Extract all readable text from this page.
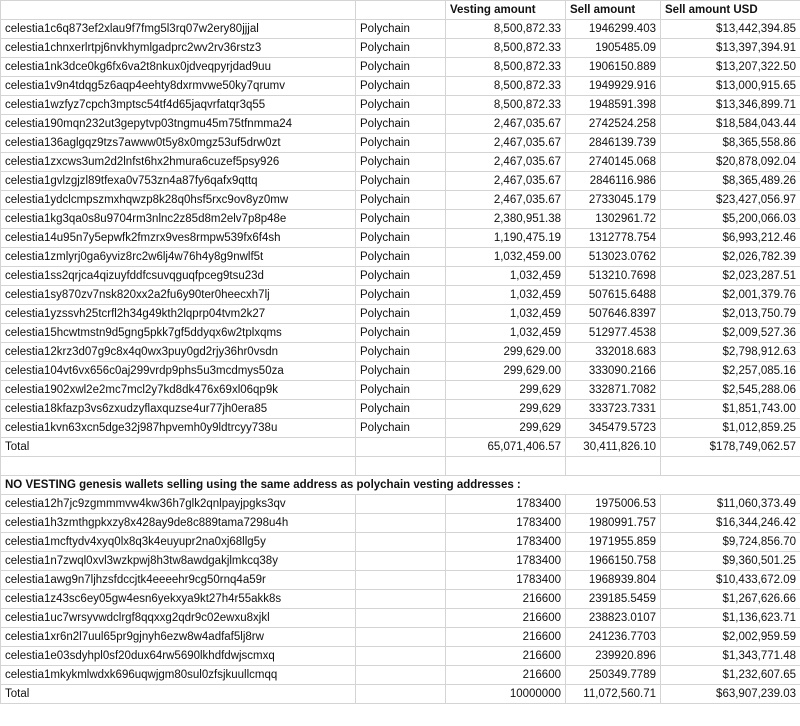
		Vesting amount	Sell amount	Sell amount USD
celestia1c6q873ef2xlau9f7fmg5l3rq07w2ery80jjjal	Polychain	8,500,872.33	1946299.403	$13,442,394.85
celestia1chnxerlrtpj6nvkhymlgadprc2wv2rv36rstz3	Polychain	8,500,872.33	1905485.09	$13,397,394.91
celestia1nk3dce0kg6fx6va2t8nkux0jdveqpyrjdad9uu	Polychain	8,500,872.33	1906150.889	$13,207,322.50
celestia1v9n4tdqg5z6aqp4eehty8dxrmvwe50ky7qrumv	Polychain	8,500,872.33	1949929.916	$13,000,915.65
celestia1wzfyz7cpch3mptsc54tf4d65jaqvrfatqr3q55	Polychain	8,500,872.33	1948591.398	$13,346,899.71
celestia190mqn232ut3gepytvp03tngmu45m75tfnmma24	Polychain	2,467,035.67	2742524.258	$18,584,043.44
celestia136aglgqz9tzs7awww0t5y8x0mgz53uf5drw0zt	Polychain	2,467,035.67	2846139.739	$8,365,558.86
celestia1zxcws3um2d2lnfst6hx2hmura6cuzef5psy926	Polychain	2,467,035.67	2740145.068	$20,878,092.04
celestia1gvlzgjzl89tfexa0v753zn4a87fy6qafx9qttq	Polychain	2,467,035.67	2846116.986	$8,365,489.26
celestia1ydclcmpszmxhqwzp8k28q0hsf5rxc9ov8yz0mw	Polychain	2,467,035.67	2733045.179	$23,427,056.97
celestia1kg3qa0s8u9704rm3nlnc2z85d8m2elv7p8p48e	Polychain	2,380,951.38	1302961.72	$5,200,066.03
celestia14u95n7y5epwfk2fmzrx9ves8rmpw539fx6f4sh	Polychain	1,190,475.19	1312778.754	$6,993,212.46
celestia1zmlyrj0ga6yviz8rc2w6lj4w76h4y8g9nwlf5t	Polychain	1,032,459.00	513023.0762	$2,026,782.39
celestia1ss2qrjca4qizuyfddfcsuvqguqfpceg9tsu23d	Polychain	1,032,459	513210.7698	$2,023,287.51
celestia1sy870zv7nsk820xx2a2fu6y90ter0heecxh7lj	Polychain	1,032,459	507615.6488	$2,001,379.76
celestia1yzssvh25tcrfl2h34g49kth2lqprp04tvm2k27	Polychain	1,032,459	507646.8397	$2,013,750.79
celestia15hcwtmstn9d5gng5pkk7gf5ddyqx6w2tplxqms	Polychain	1,032,459	512977.4538	$2,009,527.36
celestia12krz3d07g9c8x4q0wx3puy0gd2rjy36hr0vsdn	Polychain	299,629.00	332018.683	$2,798,912.63
celestia104vt6vx656c0aj299vrdp9phs5u3mcdmys50za	Polychain	299,629.00	333090.2166	$2,257,085.16
celestia1902xwl2e2mc7mcl2y7kd8dk476x69xl06qp9k	Polychain	299,629	332871.7082	$2,545,288.06
celestia18kfazp3vs6zxudzyflaxquzse4ur77jh0era85	Polychain	299,629	333723.7331	$1,851,743.00
celestia1kvn63xcn5dge32j987hpvemh0y9ldtrcyy738u	Polychain	299,629	345479.5723	$1,012,859.25
Total		65,071,406.57	30,411,826.10	$178,749,062.57

NO VESTING genesis wallets selling using the same address as polychain vesting addresses :				
celestia12h7jc9zgmmmvw4kw36h7glk2qnlpayjpgks3qv		1783400	1975006.53	$11,060,373.49
celestia1h3zmthgpkxzy8x428ay9de8c889tama7298u4h		1783400	1980991.757	$16,344,246.42
celestia1mcftydv4xyq0lx8q3k4euyupr2na0xj68llg5y		1783400	1971955.859	$9,724,856.70
celestia1n7zwql0xvl3wzkpwj8h3tw8awdgakjlmkcq38y		1783400	1966150.758	$9,360,501.25
celestia1awg9n7ljhzsfdccjtk4eeeehr9cg50rnq4a59r		1783400	1968939.804	$10,433,672.09
celestia1z43sc6ey05gw4esn6yekxya9kt27h4r55akk8s		216600	239185.5459	$1,267,626.66
celestia1uc7wrsyvwdclrgf8qqxxg2qdr9c02ewxu8xjkl		216600	238823.0107	$1,136,623.71
celestia1xr6n2l7uul65pr9gjnyh6ezw8w4adfaf5lj8rw		216600	241236.7703	$2,002,959.59
celestia1e03sdyhpl0sf20dux64rw5690lkhdfdwjscmxq		216600	239920.896	$1,343,771.48
celestia1mkykmlwdxk696uqwjgm80sul0zfsjkuullcmqq		216600	250349.7789	$1,232,607.65
Total		10000000	11,072,560.71	$63,907,239.03
